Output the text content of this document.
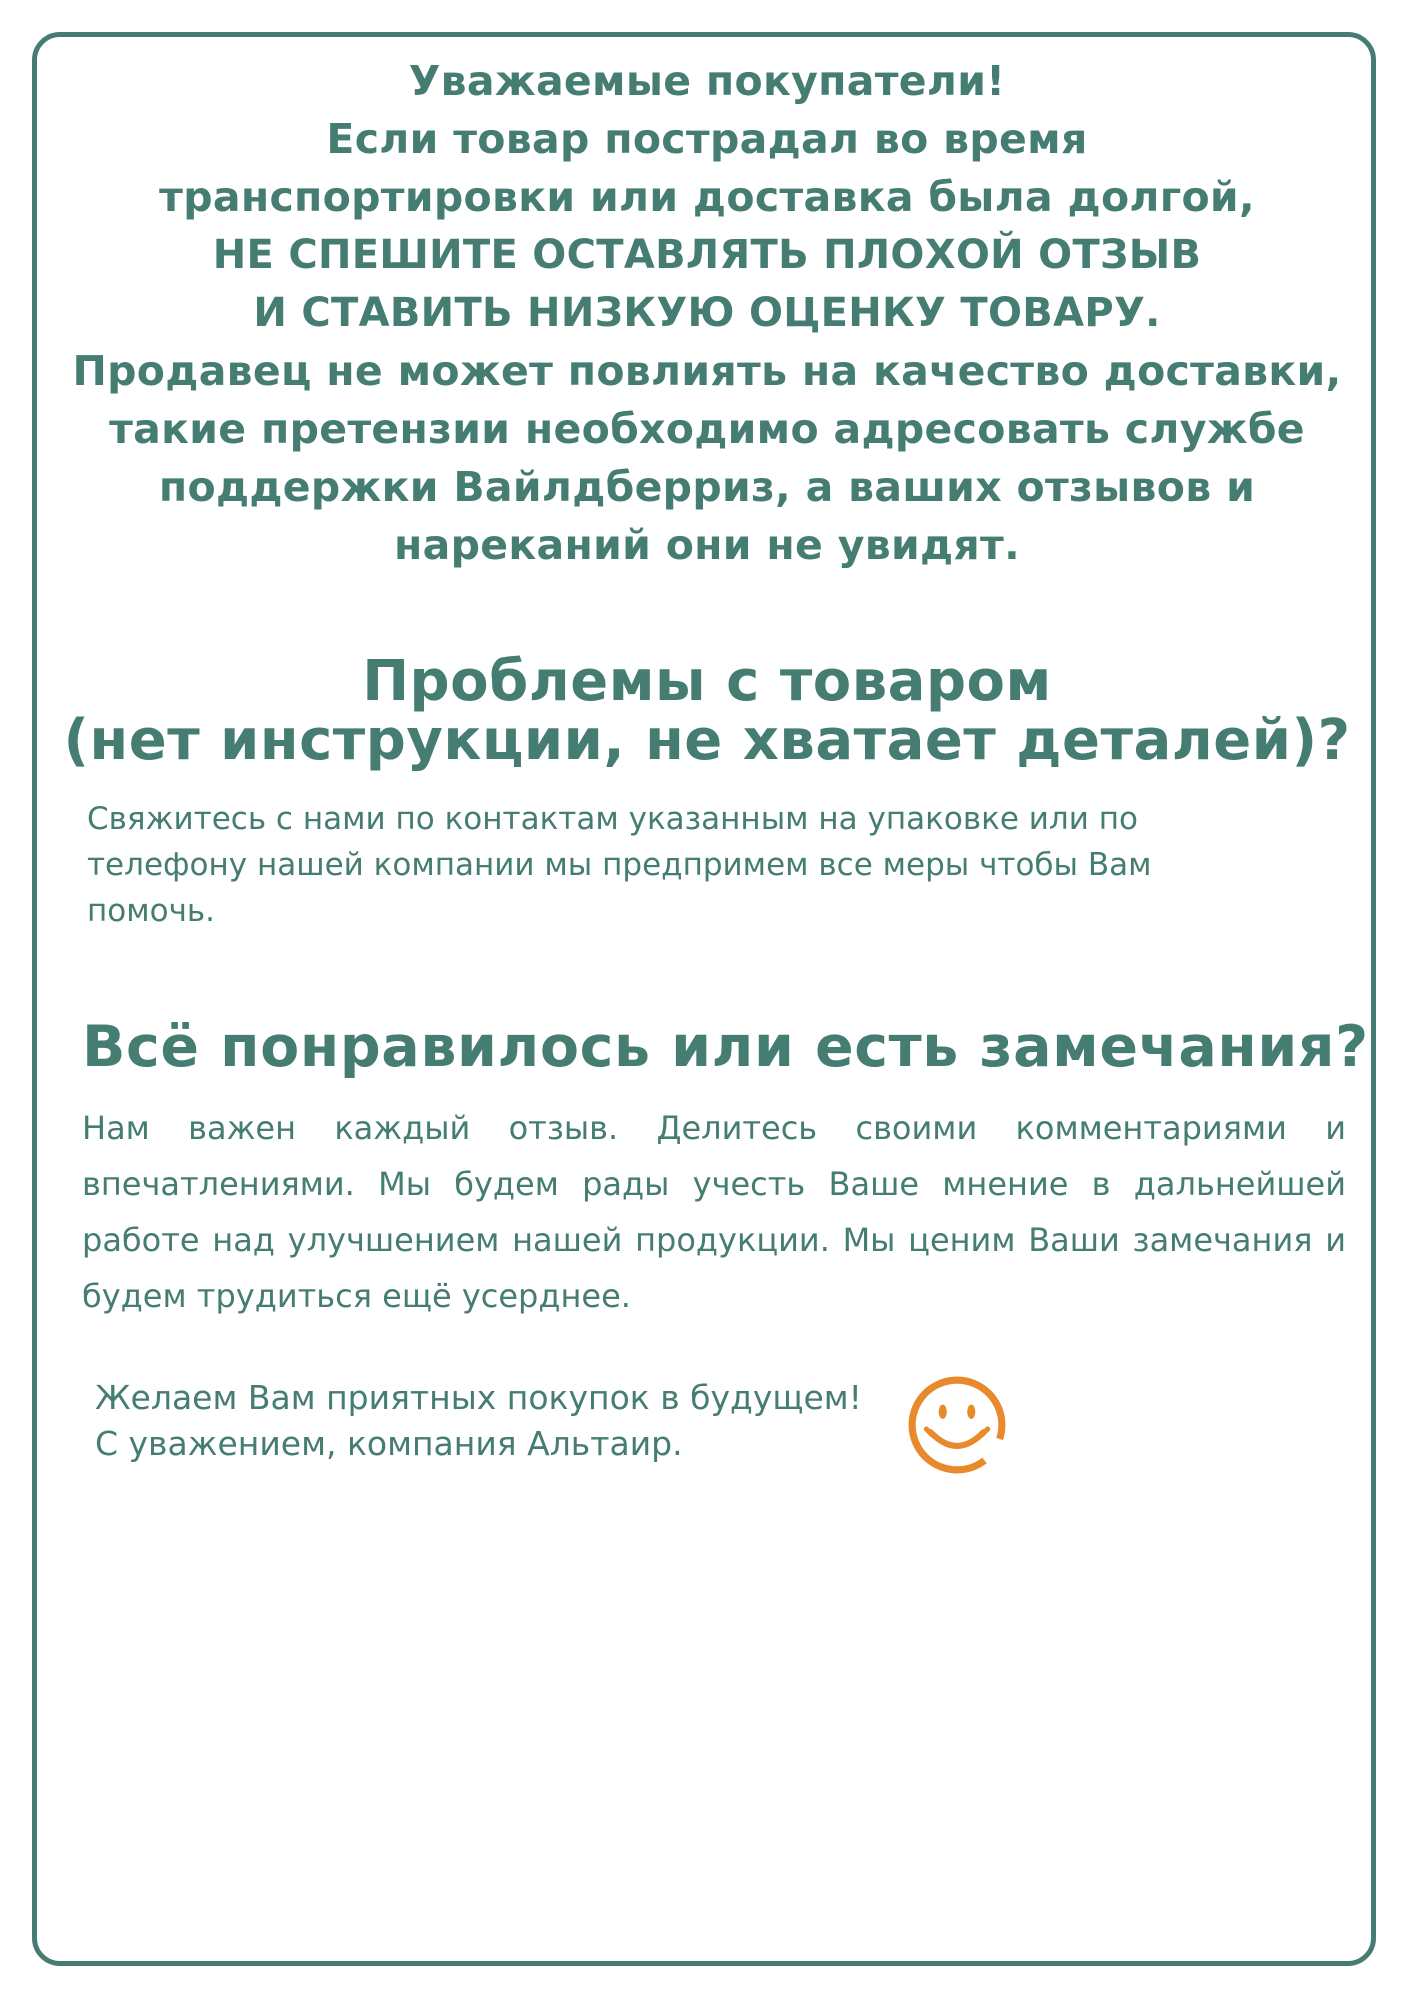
Уважаемые покупатели!
Если товар пострадал во время
транспортировки или доставка была долгой,
НЕ СПЕШИТЕ ОСТАВЛЯТЬ ПЛОХОЙ ОТЗЫВ
И СТАВИТЬ НИЗКУЮ ОЦЕНКУ ТОВАРУ.
Продавец не может повлиять на качество доставки,
такие претензии необходимо адресовать службе
поддержки Вайлдберриз, а ваших отзывов и
нареканий они не увидят.
Проблемы с товаром
(нет инструкции, не хватает деталей)?
Свяжитесь с нами по контактам указанным на упаковке или по телефону нашей компании мы предпримем все меры чтобы Вам помочь.
Всё понравилось или есть замечания?
Нам важен каждый отзыв. Делитесь своими комментариями и впечатлениями. Мы будем рады учесть Ваше мнение в дальнейшей работе над улучшением нашей продукции. Мы ценим Ваши замечания и будем трудиться ещё усерднее.
Желаем Вам приятных покупок в будущем!
С уважением, компания Альтаир.
